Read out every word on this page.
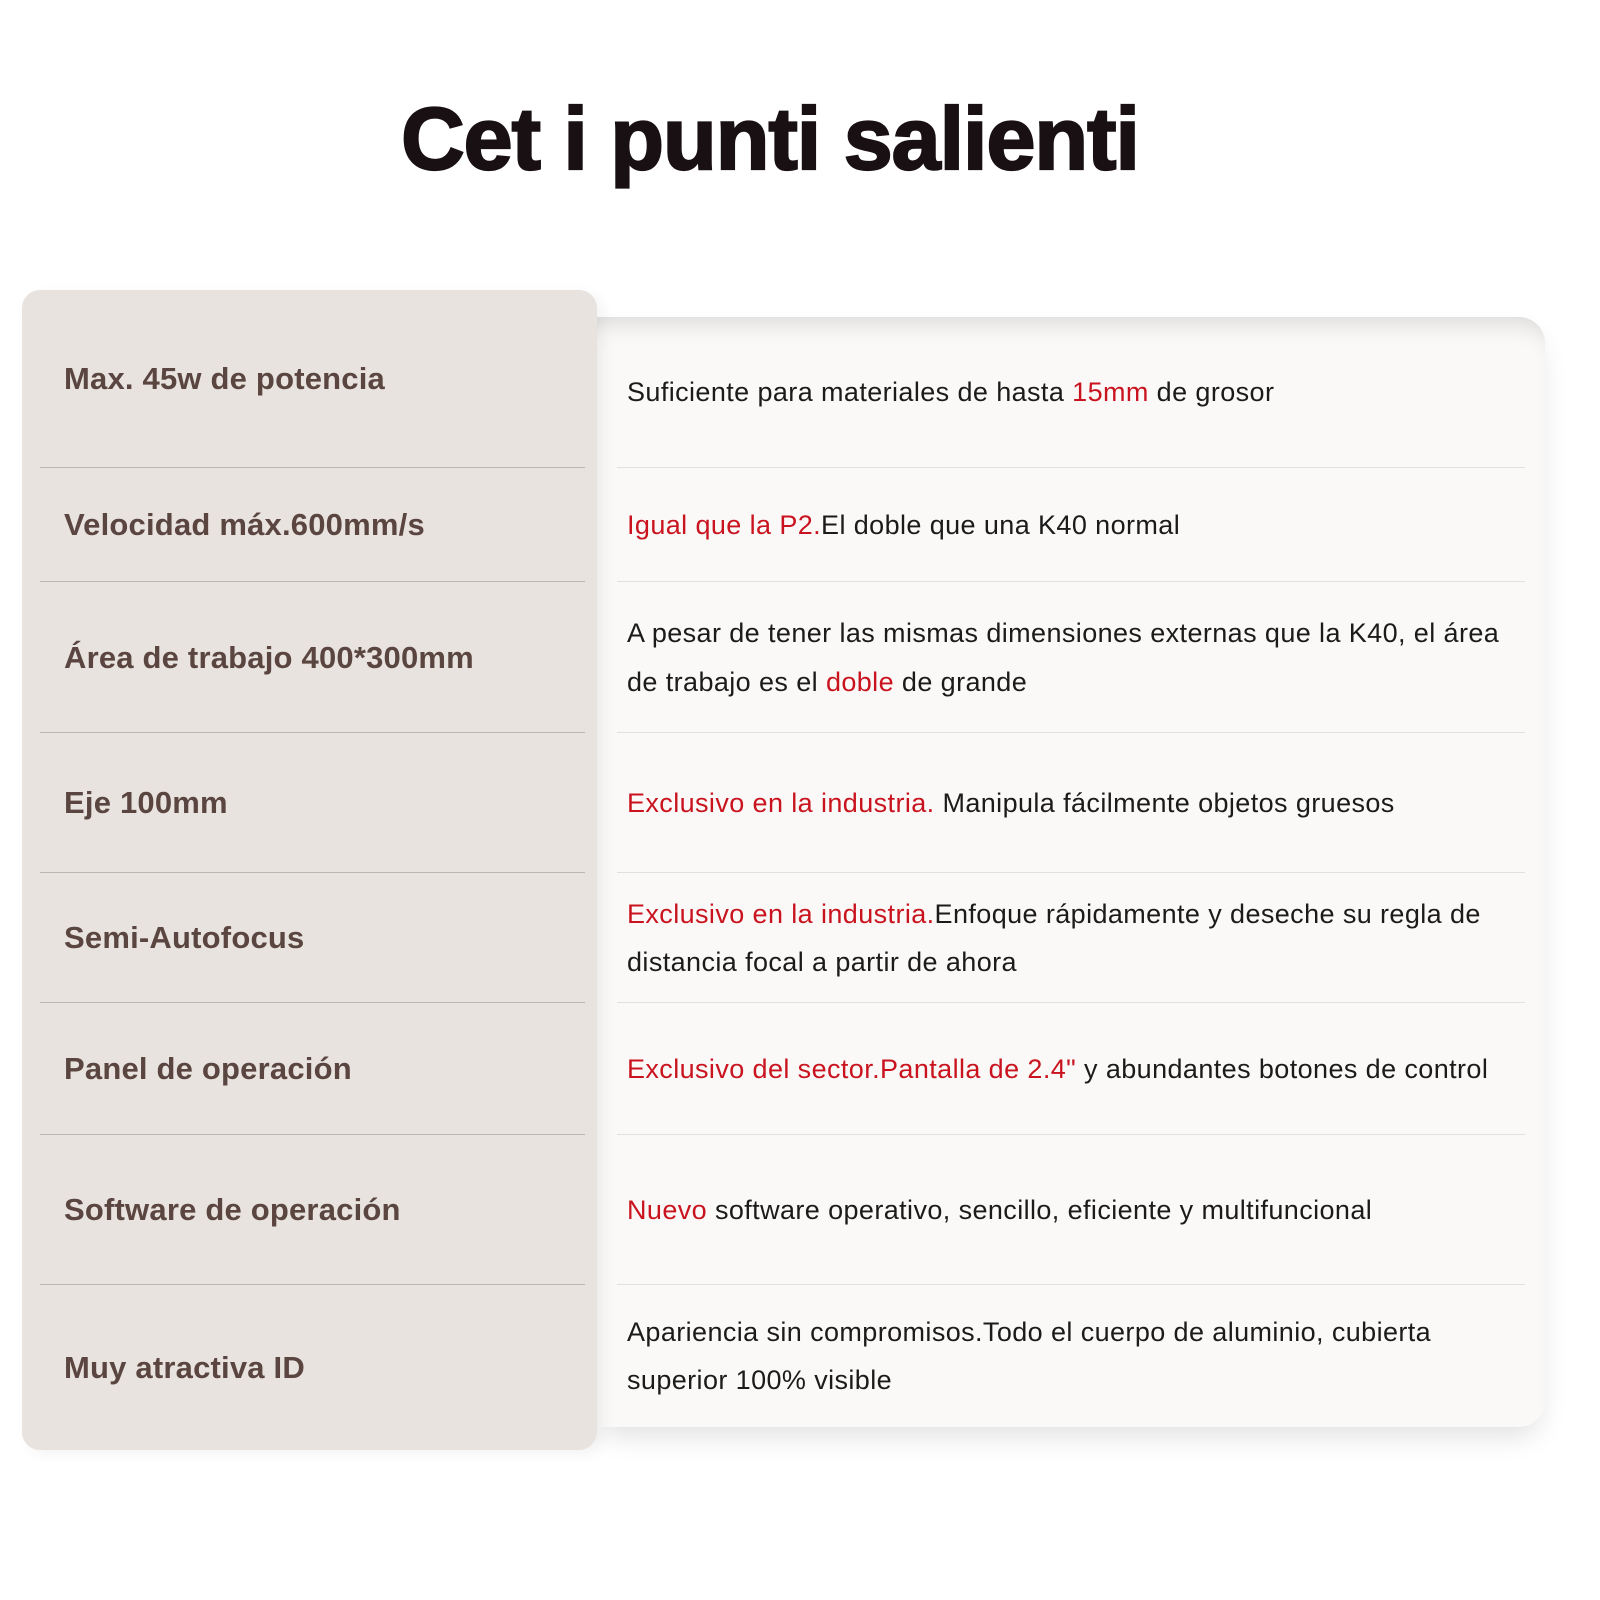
Cet i punti salienti
Max. 45w de potencia
Velocidad máx.600mm/s
Área de trabajo 400*300mm
Eje 100mm
Semi-Autofocus
Panel de operación
Software de operación
Muy atractiva ID

Suficiente para materiales de hasta 15mm de grosor

Igual que la P2.El doble que una K40 normal

A pesar de tener las mismas dimensiones externas que la K40, el área de trabajo es el doble de grande

Exclusivo en la industria. Manipula fácilmente objetos gruesos

Exclusivo en la industria.Enfoque rápidamente y deseche su regla de distancia focal a partir de ahora

Exclusivo del sector.Pantalla de 2.4" y abundantes botones de control

Nuevo software operativo, sencillo, eficiente y multifuncional

Apariencia sin compromisos.Todo el cuerpo de aluminio, cubierta superior 100% visible
